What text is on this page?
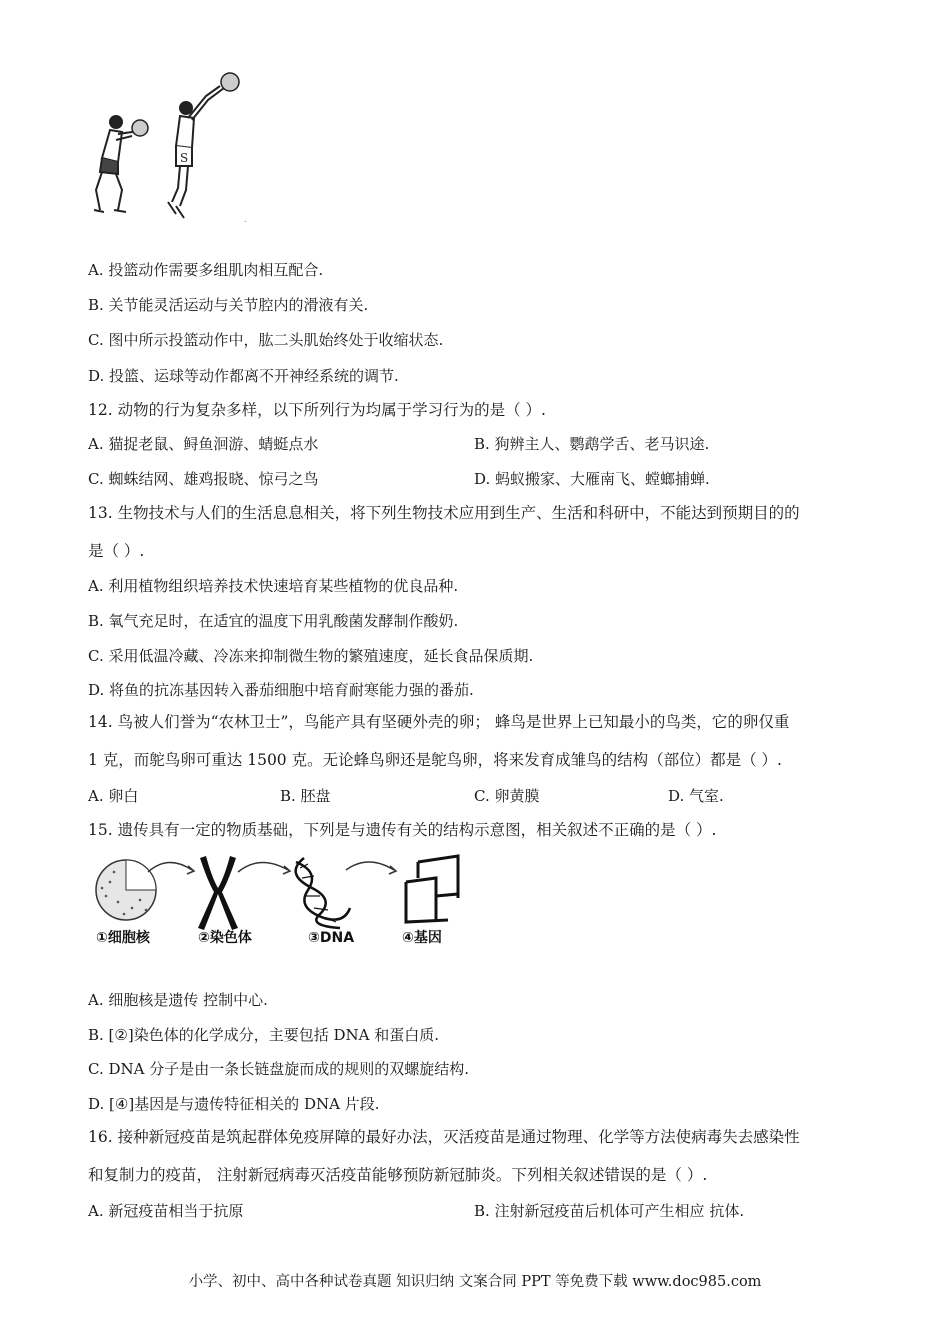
S
.
A. 投篮动作需要多组肌肉相互配合.
B. 关节能灵活运动与关节腔内的滑液有关.
C. 图中所示投篮动作中，肱二头肌始终处于收缩状态.
D. 投篮、运球等动作都离不开神经系统的调节.
12. 动物的行为复杂多样，以下所列行为均属于学习行为的是（ ）.
A. 猫捉老鼠、鲟鱼洄游、蜻蜓点水	B. 狗辨主人、鹦鹉学舌、老马识途.
C. 蜘蛛结网、雄鸡报晓、惊弓之鸟	D. 蚂蚁搬家、大雁南飞、螳螂捕蝉.
13. 生物技术与人们的生活息息相关，将下列生物技术应用到生产、生活和科研中，不能达到预期目的的
是（ ）.
A. 利用植物组织培养技术快速培育某些植物的优良品种.
B. 氧气充足时，在适宜的温度下用乳酸菌发酵制作酸奶.
C. 采用低温冷藏、冷冻来抑制微生物的繁殖速度，延长食品保质期.
D. 将鱼的抗冻基因转入番茄细胞中培育耐寒能力强的番茄.
14. 鸟被人们誉为“农林卫士”，鸟能产具有坚硬外壳的卵； 蜂鸟是世界上已知最小的鸟类，它的卵仅重
1 克，而鸵鸟卵可重达 1500 克。无论蜂鸟卵还是鸵鸟卵，将来发育成雏鸟的结构（部位）都是（ ）.
A. 卵白	B. 胚盘	C. 卵黄膜	D. 气室.
15. 遗传具有一定的物质基础，下列是与遗传有关的结构示意图，相关叙述不正确的是（ ）.
①细胞核	②染色体	③DNA	④基因
A. 细胞核是遗传 控制中心.
B. [②]染色体的化学成分，主要包括 DNA 和蛋白质.
C. DNA 分子是由一条长链盘旋而成的规则的双螺旋结构.
D. [④]基因是与遗传特征相关的 DNA 片段.
16. 接种新冠疫苗是筑起群体免疫屏障的最好办法，灭活疫苗是通过物理、化学等方法使病毒失去感染性
和复制力的疫苗， 注射新冠病毒灭活疫苗能够预防新冠肺炎。下列相关叙述错误的是（ ）.
A. 新冠疫苗相当于抗原	B. 注射新冠疫苗后机体可产生相应 抗体.
小学、初中、高中各种试卷真题 知识归纳 文案合同 PPT 等免费下载 www.doc985.com
